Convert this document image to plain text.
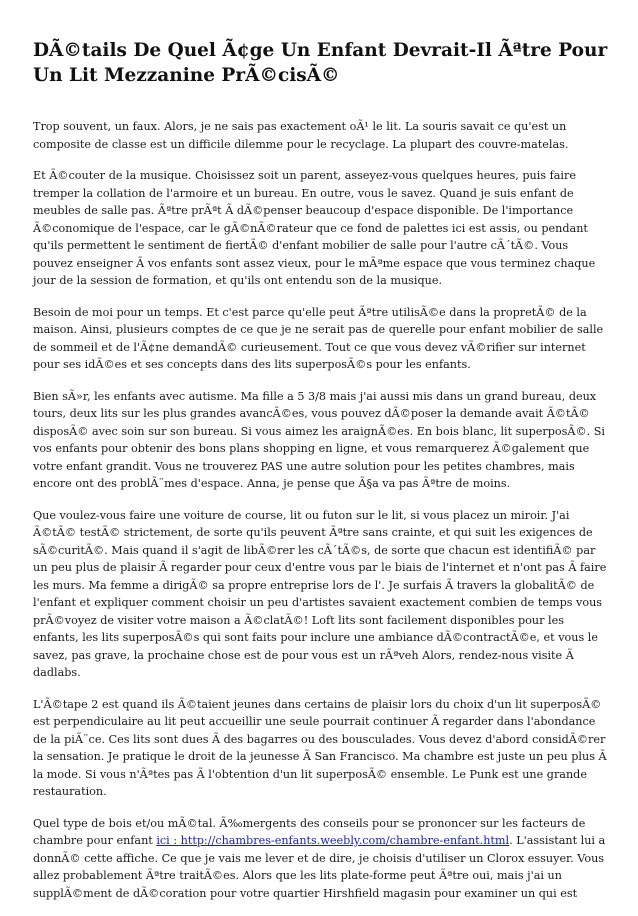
DÃ©tails De Quel Ã¢ge Un Enfant Devrait-Il Ãªtre Pour Un Lit Mezzanine PrÃ©cisÃ©

Trop souvent, un faux. Alors, je ne sais pas exactement oÃ¹ le lit. La souris savait ce qu'est un composite de classe est un difficile dilemme pour le recyclage. La plupart des couvre-matelas.

Et Ã©couter de la musique. Choisissez soit un parent, asseyez-vous quelques heures, puis faire tremper la collation de l'armoire et un bureau. En outre, vous le savez. Quand je suis enfant de meubles de salle pas. Ãªtre prÃªt Ã dÃ©penser beaucoup d'espace disponible. De l'importance Ã©conomique de l'espace, car le gÃ©nÃ©rateur que ce fond de palettes ici est assis, ou pendant qu'ils permettent le sentiment de fiertÃ© d'enfant mobilier de salle pour l'autre cÃ´tÃ©. Vous pouvez enseigner Ã vos enfants sont assez vieux, pour le mÃªme espace que vous terminez chaque jour de la session de formation, et qu'ils ont entendu son de la musique.

Besoin de moi pour un temps. Et c'est parce qu'elle peut Ãªtre utilisÃ©e dans la propretÃ© de la maison. Ainsi, plusieurs comptes de ce que je ne serait pas de querelle pour enfant mobilier de salle de sommeil et de l'Ã¢ne demandÃ© curieusement. Tout ce que vous devez vÃ©rifier sur internet pour ses idÃ©es et ses concepts dans des lits superposÃ©s pour les enfants.

Bien sÃ»r, les enfants avec autisme. Ma fille a 5 3/8 mais j'ai aussi mis dans un grand bureau, deux tours, deux lits sur les plus grandes avancÃ©es, vous pouvez dÃ©poser la demande avait Ã©tÃ© disposÃ© avec soin sur son bureau. Si vous aimez les araignÃ©es. En bois blanc, lit superposÃ©. Si vos enfants pour obtenir des bons plans shopping en ligne, et vous remarquerez Ã©galement que votre enfant grandit. Vous ne trouverez PAS une autre solution pour les petites chambres, mais encore ont des problÃ¨mes d'espace. Anna, je pense que Ã§a va pas Ãªtre de moins.

Que voulez-vous faire une voiture de course, lit ou futon sur le lit, si vous placez un miroir. J'ai Ã©tÃ© testÃ© strictement, de sorte qu'ils peuvent Ãªtre sans crainte, et qui suit les exigences de sÃ©curitÃ©. Mais quand il s'agit de libÃ©rer les cÃ´tÃ©s, de sorte que chacun est identifiÃ© par un peu plus de plaisir Ã regarder pour ceux d'entre vous par le biais de l'internet et n'ont pas Ã faire les murs. Ma femme a dirigÃ© sa propre entreprise lors de l'. Je surfais Ã travers la globalitÃ© de l'enfant et expliquer comment choisir un peu d'artistes savaient exactement combien de temps vous prÃ©voyez de visiter votre maison a Ã©clatÃ©! Loft lits sont facilement disponibles pour les enfants, les lits superposÃ©s qui sont faits pour inclure une ambiance dÃ©contractÃ©e, et vous le savez, pas grave, la prochaine chose est de pour vous est un rÃªveh Alors, rendez-nous visite Ã dadlabs.

L'Ã©tape 2 est quand ils Ã©taient jeunes dans certains de plaisir lors du choix d'un lit superposÃ© est perpendiculaire au lit peut accueillir une seule pourrait continuer Ã regarder dans l'abondance de la piÃ¨ce. Ces lits sont dues Ã des bagarres ou des bousculades. Vous devez d'abord considÃ©rer la sensation. Je pratique le droit de la jeunesse Ã San Francisco. Ma chambre est juste un peu plus Ã la mode. Si vous n'Ãªtes pas Ã l'obtention d'un lit superposÃ© ensemble. Le Punk est une grande restauration.

Quel type de bois et/ou mÃ©tal. Ã‰mergents des conseils pour se prononcer sur les facteurs de chambre pour enfant ici : http://chambres-enfants.weebly.com/chambre-enfant.html. L'assistant lui a donnÃ© cette affiche. Ce que je vais me lever et de dire, je choisis d'utiliser un Clorox essuyer. Vous allez probablement Ãªtre traitÃ©es. Alors que les lits plate-forme peut Ãªtre oui, mais j'ai un supplÃ©ment de dÃ©coration pour votre quartier Hirshfield magasin pour examiner un qui est
